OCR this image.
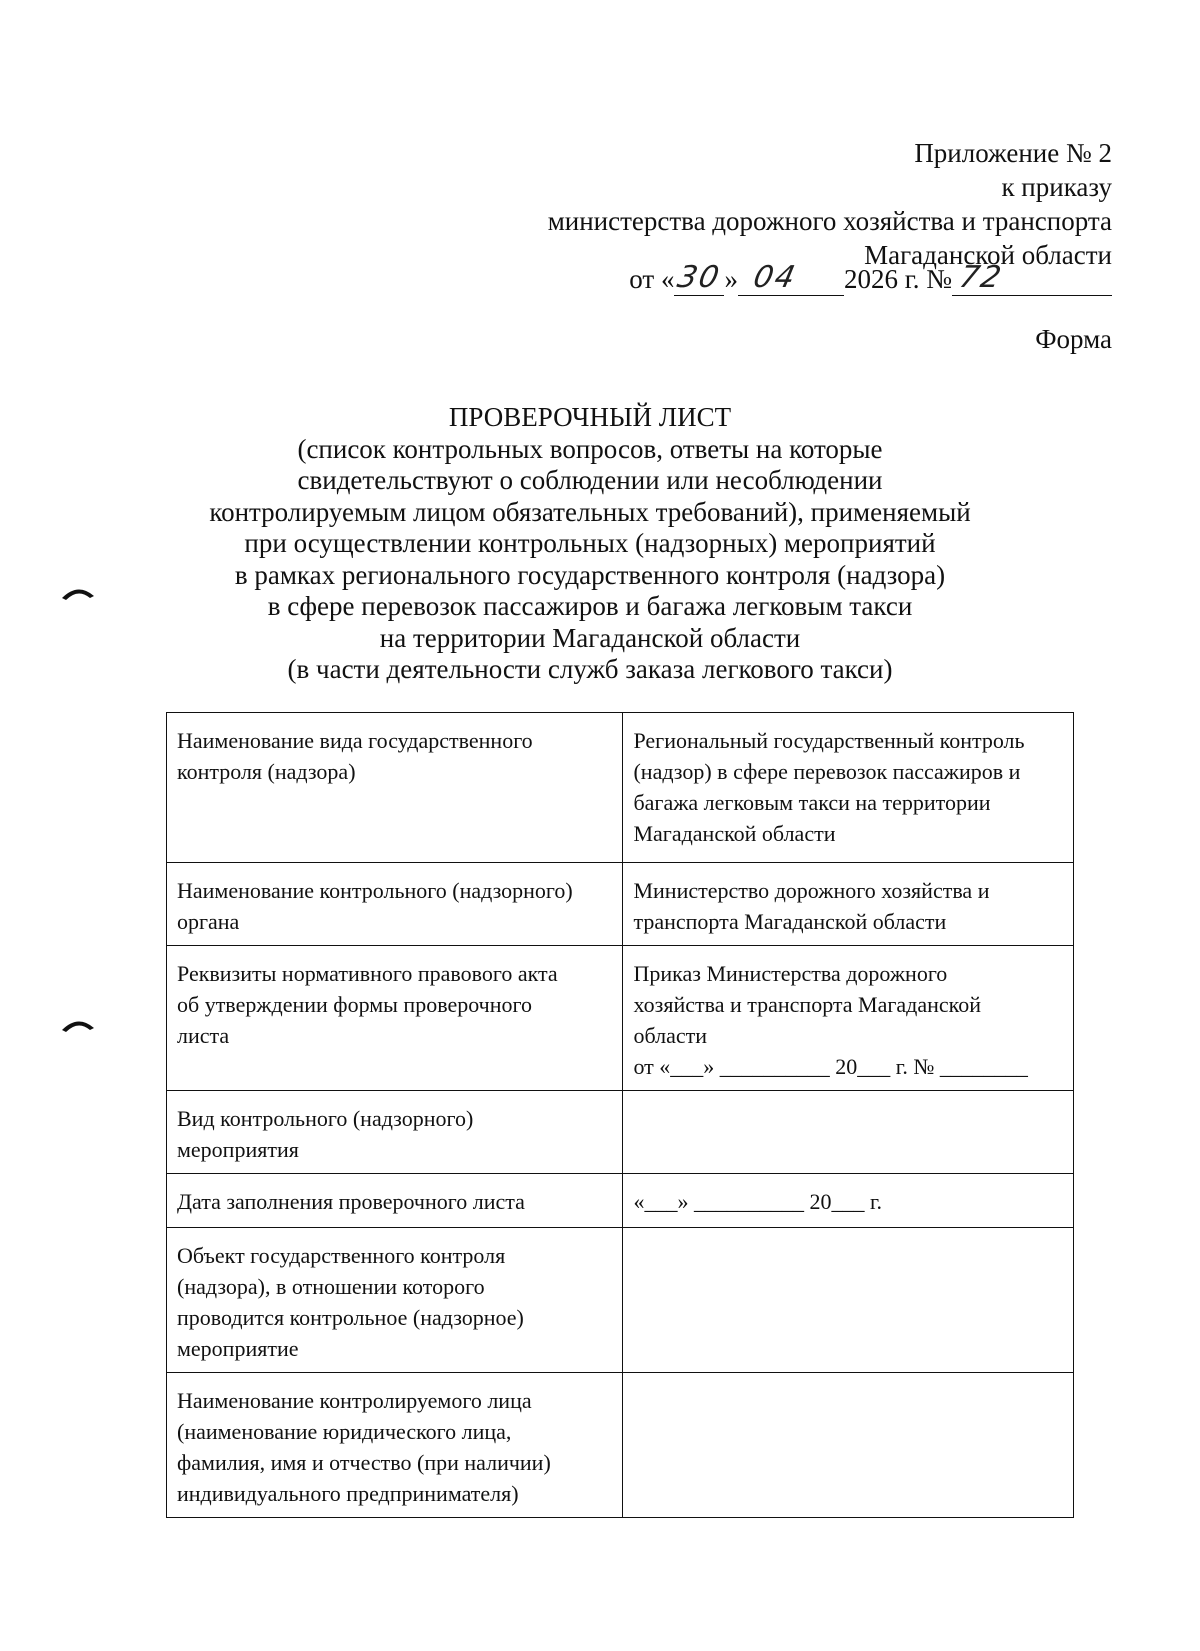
Приложение № 2
к приказу
министерства дорожного хозяйства и транспорта
Магаданской области
от « 30 » 04 2026 г. № 72
Форма
ПРОВЕРОЧНЫЙ ЛИСТ
(список контрольных вопросов, ответы на которые
свидетельствуют о соблюдении или несоблюдении
контролируемым лицом обязательных требований), применяемый
при осуществлении контрольных (надзорных) мероприятий
в рамках регионального государственного контроля (надзора)
в сфере перевозок пассажиров и багажа легковым такси
на территории Магаданской области
(в части деятельности служб заказа легкового такси)
Наименование вида государственного
контроля (надзора)	Региональный государственный контроль
(надзор) в сфере перевозок пассажиров и
багажа легковым такси на территории
Магаданской области

Наименование контрольного (надзорного)
органа	Министерство дорожного хозяйства и
транспорта Магаданской области

Реквизиты нормативного правового акта
об утверждении формы проверочного
листа	Приказ Министерства дорожного
хозяйства и транспорта Магаданской
области
от «___» __________ 20___ г. № ________

Вид контрольного (надзорного)
мероприятия	

Дата заполнения проверочного листа	«___» __________ 20___ г.

Объект государственного контроля
(надзора), в отношении которого
проводится контрольное (надзорное)
мероприятие	

Наименование контролируемого лица
(наименование юридического лица,
фамилия, имя и отчество (при наличии)
индивидуального предпринимателя)	
